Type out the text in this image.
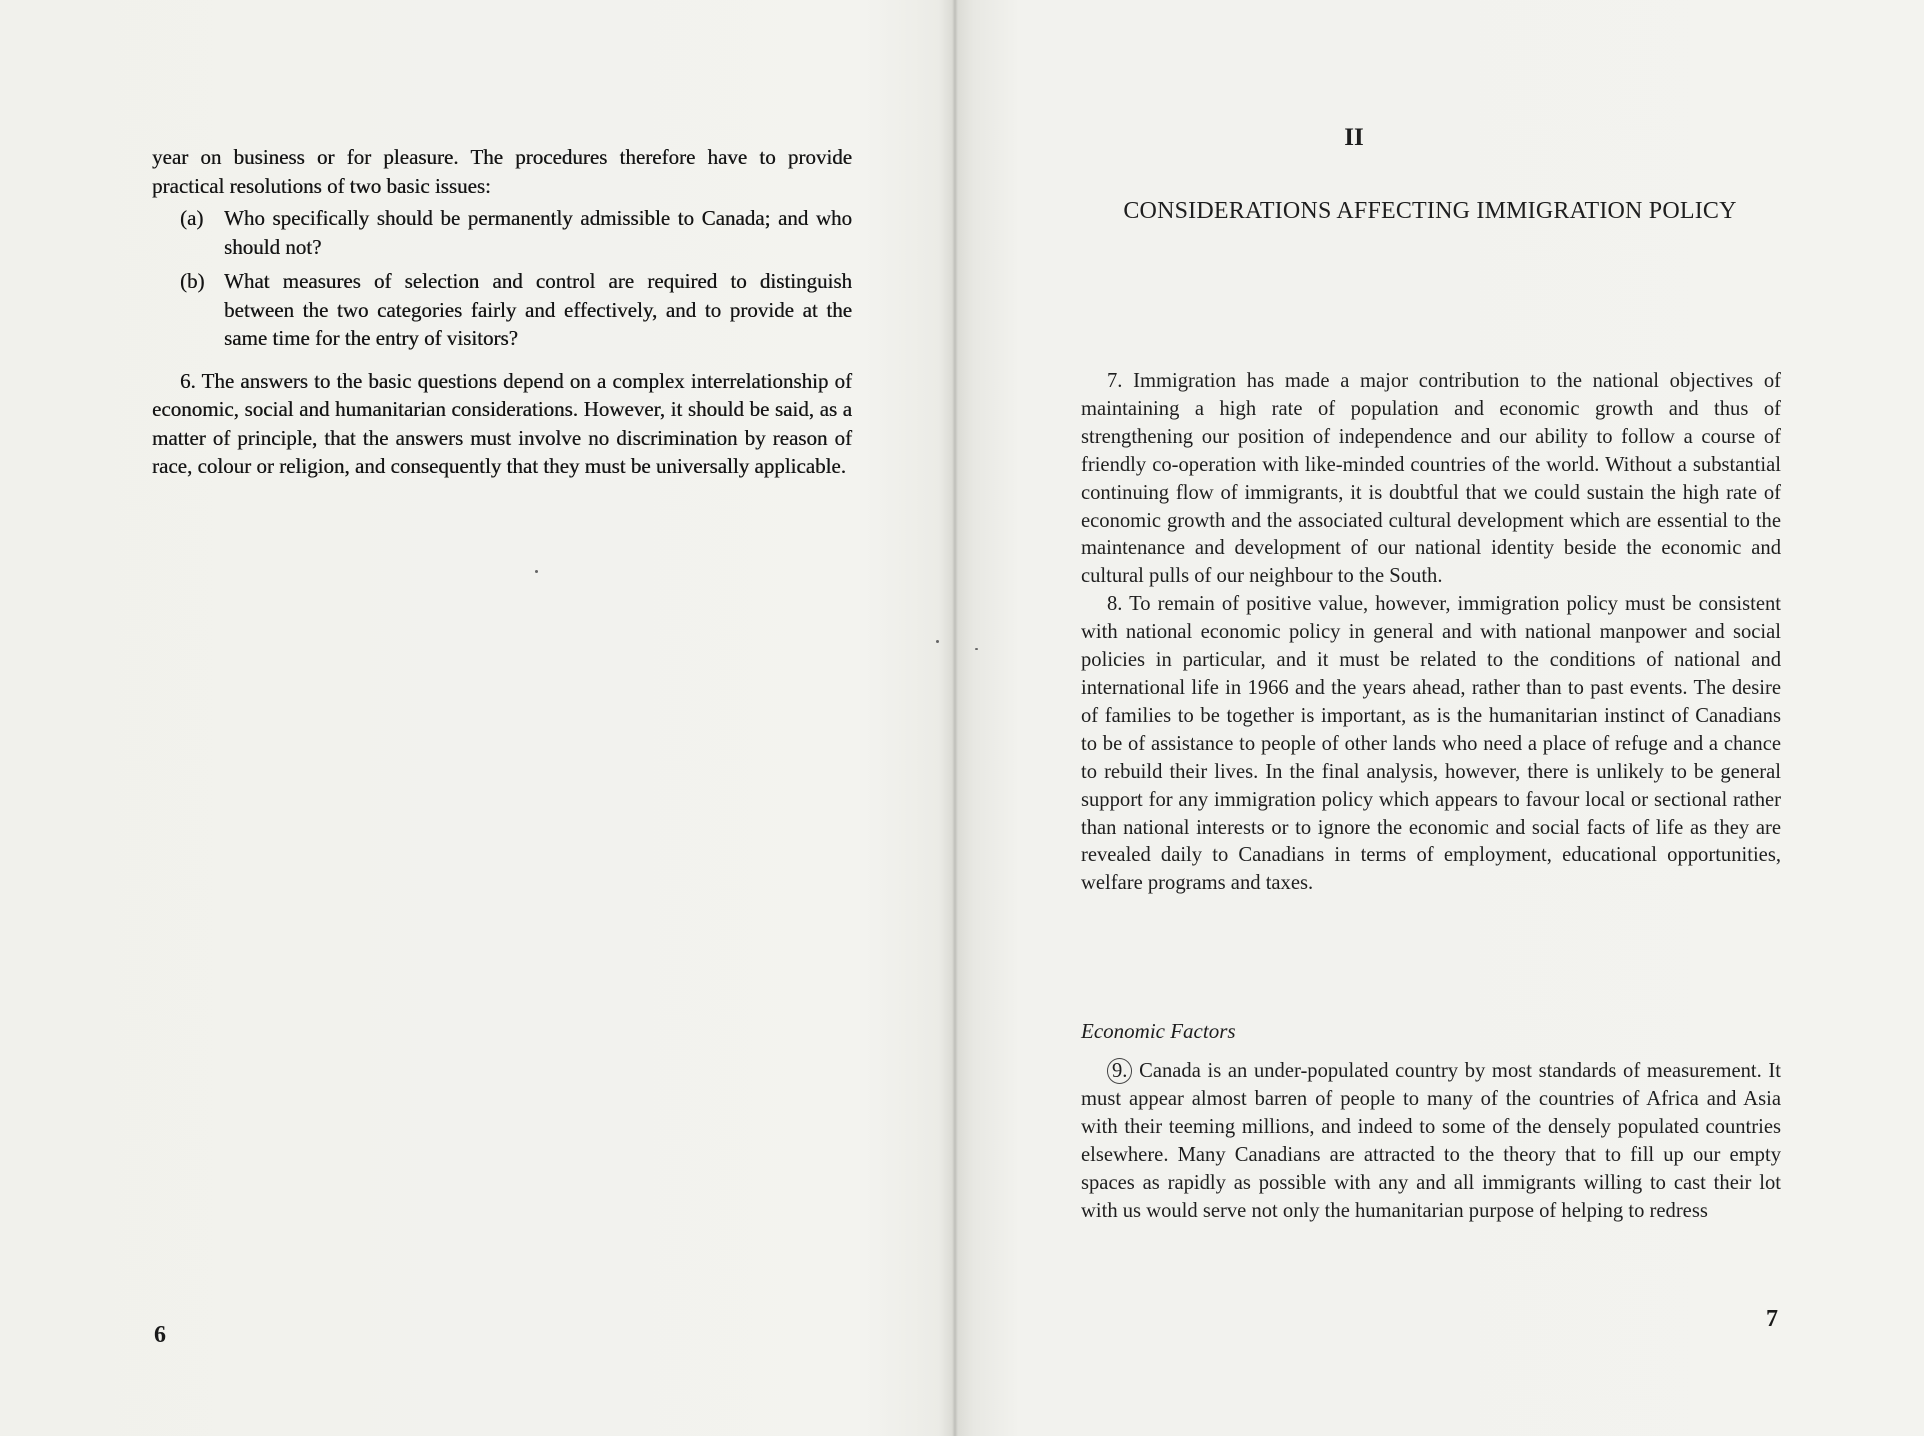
year on business or for pleasure. The procedures therefore have to provide practical resolutions of two basic issues:

(a) Who specifically should be permanently admissible to Canada; and who should not?
(b) What measures of selection and control are required to distinguish between the two categories fairly and effectively, and to provide at the same time for the entry of visitors?

6. The answers to the basic questions depend on a complex interrelationship of economic, social and humanitarian considerations. However, it should be said, as a matter of principle, that the answers must involve no discrimination by reason of race, colour or religion, and consequently that they must be universally applicable.

6
II
CONSIDERATIONS AFFECTING IMMIGRATION POLICY

7. Immigration has made a major contribution to the national objectives of maintaining a high rate of population and economic growth and thus of strengthening our position of independence and our ability to follow a course of friendly co-operation with like-minded countries of the world. Without a substantial continuing flow of immigrants, it is doubtful that we could sustain the high rate of economic growth and the associated cultural development which are essential to the maintenance and development of our national identity beside the economic and cultural pulls of our neighbour to the South.

8. To remain of positive value, however, immigration policy must be consistent with national economic policy in general and with national manpower and social policies in particular, and it must be related to the conditions of national and international life in 1966 and the years ahead, rather than to past events. The desire of families to be together is important, as is the humanitarian instinct of Canadians to be of assistance to people of other lands who need a place of refuge and a chance to rebuild their lives. In the final analysis, however, there is unlikely to be general support for any immigration policy which appears to favour local or sectional rather than national interests or to ignore the economic and social facts of life as they are revealed daily to Canadians in terms of employment, educational opportunities, welfare programs and taxes.

Economic Factors

9. Canada is an under-populated country by most standards of measurement. It must appear almost barren of people to many of the countries of Africa and Asia with their teeming millions, and indeed to some of the densely populated countries elsewhere. Many Canadians are attracted to the theory that to fill up our empty spaces as rapidly as possible with any and all immigrants willing to cast their lot with us would serve not only the humanitarian purpose of helping to redress

7
